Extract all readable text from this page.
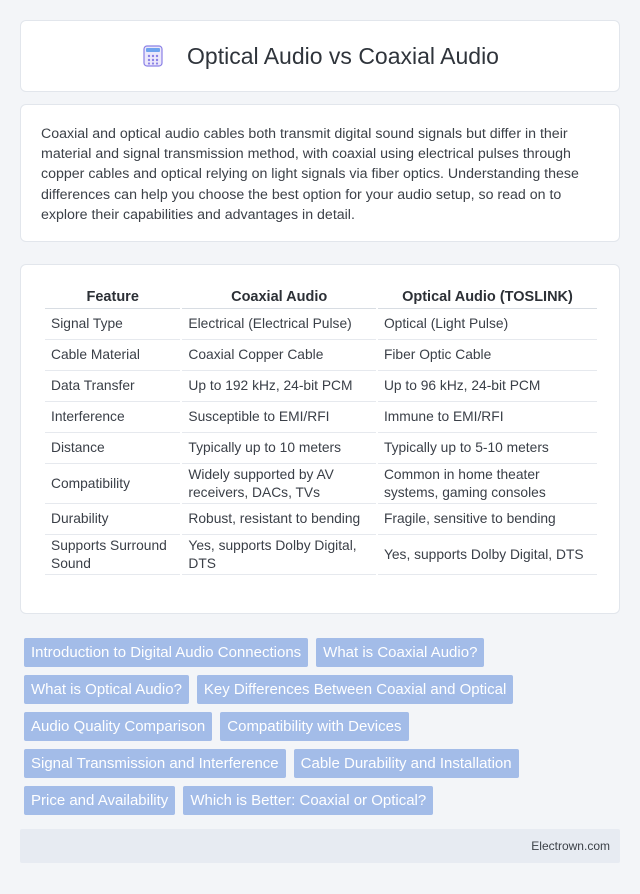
Optical Audio vs Coaxial Audio

Coaxial and optical audio cables both transmit digital sound signals but differ in their material and signal transmission method, with coaxial using electrical pulses through copper cables and optical relying on light signals via fiber optics. Understanding these differences can help you choose the best option for your audio setup, so read on to explore their capabilities and advantages in detail.

Feature	Coaxial Audio	Optical Audio (TOSLINK)
Signal Type	Electrical (Electrical Pulse)	Optical (Light Pulse)
Cable Material	Coaxial Copper Cable	Fiber Optic Cable
Data Transfer	Up to 192 kHz, 24-bit PCM	Up to 96 kHz, 24-bit PCM
Interference	Susceptible to EMI/RFI	Immune to EMI/RFI
Distance	Typically up to 10 meters	Typically up to 5-10 meters
Compatibility	Widely supported by AV receivers, DACs, TVs	Common in home theater systems, gaming consoles
Durability	Robust, resistant to bending	Fragile, sensitive to bending
Supports Surround Sound	Yes, supports Dolby Digital, DTS	Yes, supports Dolby Digital, DTS
Introduction to Digital Audio Connections	What is Coaxial Audio?
What is Optical Audio?	Key Differences Between Coaxial and Optical
Audio Quality Comparison	Compatibility with Devices
Signal Transmission and Interference	Cable Durability and Installation
Price and Availability	Which is Better: Coaxial or Optical?
Electrown.com
